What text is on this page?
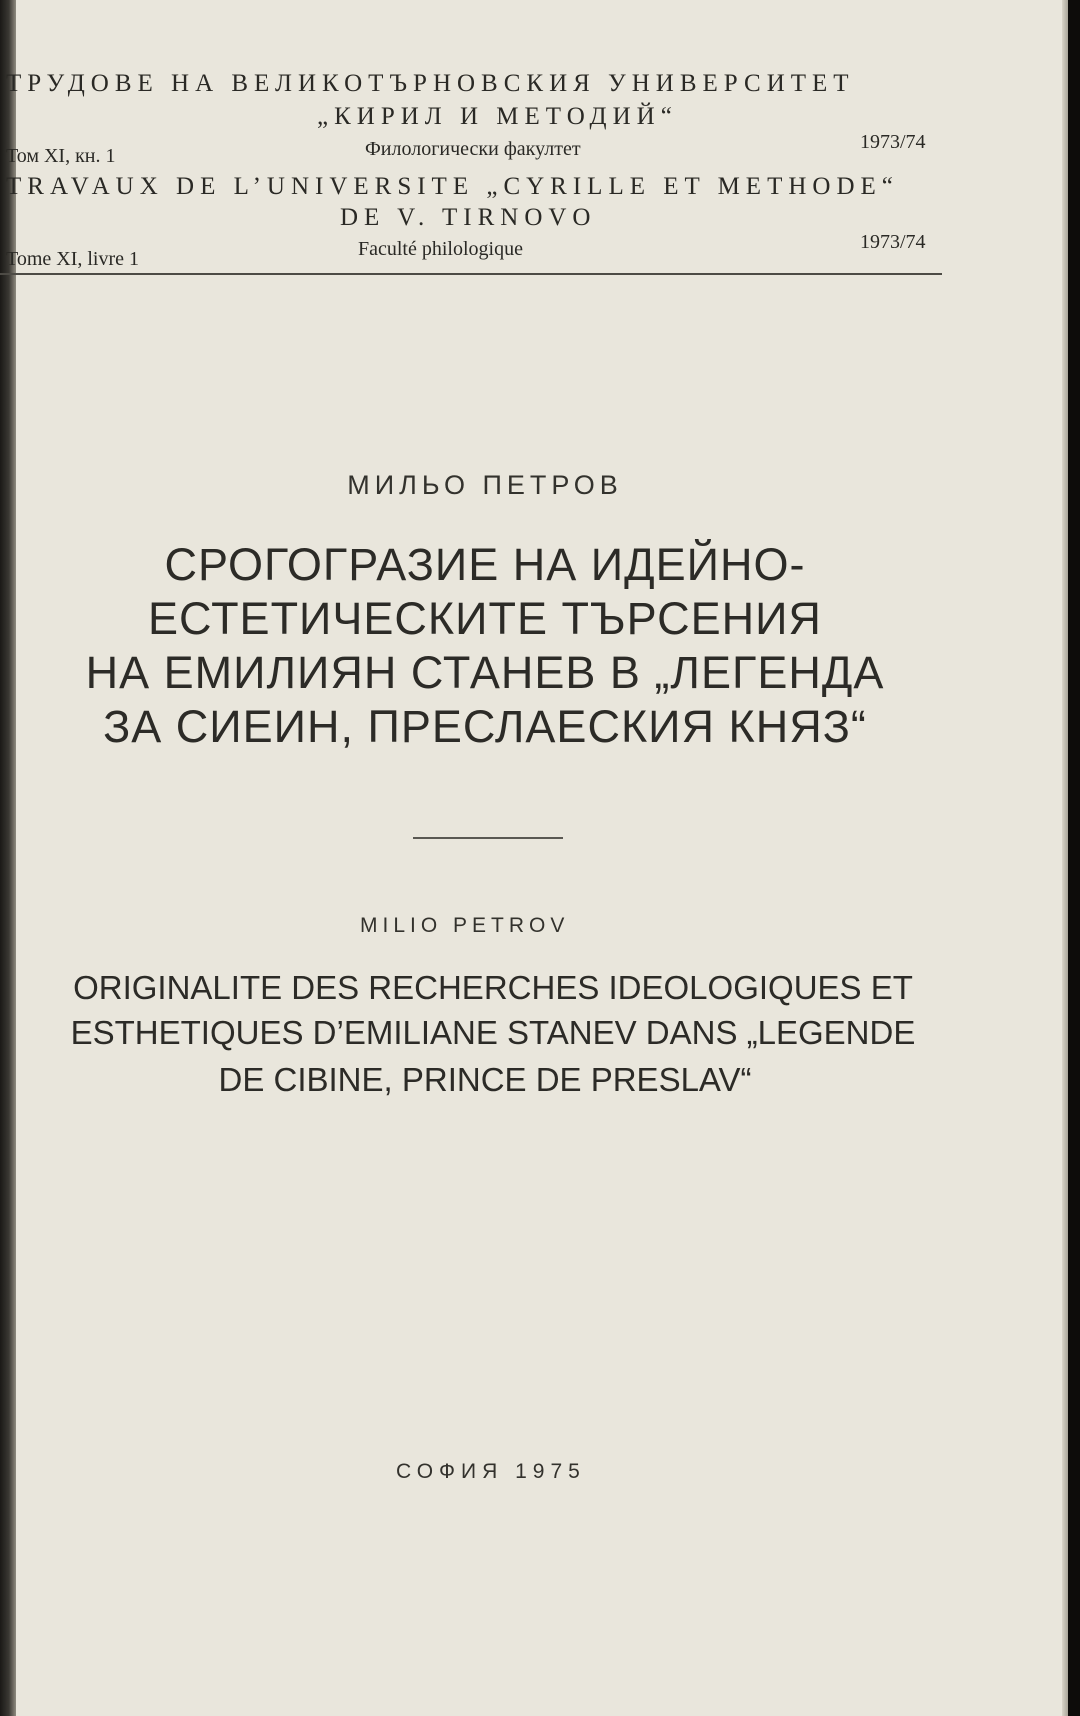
ТРУДОВЕ НА ВЕЛИКОТЪРНОВСКИЯ УНИВЕРСИТЕТ
„КИРИЛ И МЕТОДИЙ“
Том XI, кн. 1	Филологически факултет	1973/74
TRAVAUX DE L’UNIVERSITE „CYRILLE ET METHODE“
DE V. TIRNOVO
Tome XI, livre 1	Faculté philologique	1973/74
МИЛЬО ПЕТРОВ
СРОГОГРАЗИЕ НА ИДЕЙНО-
ЕСТЕТИЧЕСКИТЕ ТЪРСЕНИЯ
НА ЕМИЛИЯН СТАНЕВ В „ЛЕГЕНДА
ЗА СИЕИН, ПРЕСЛАЕСКИЯ КНЯЗ“
MILIO PETROV
ORIGINALITE DES RECHERCHES IDEOLOGIQUES ET
ESTHETIQUES D’EMILIANE STANEV DANS „LEGENDE
DE CIBINE, PRINCE DE PRESLAV“
СОФИЯ 1975
